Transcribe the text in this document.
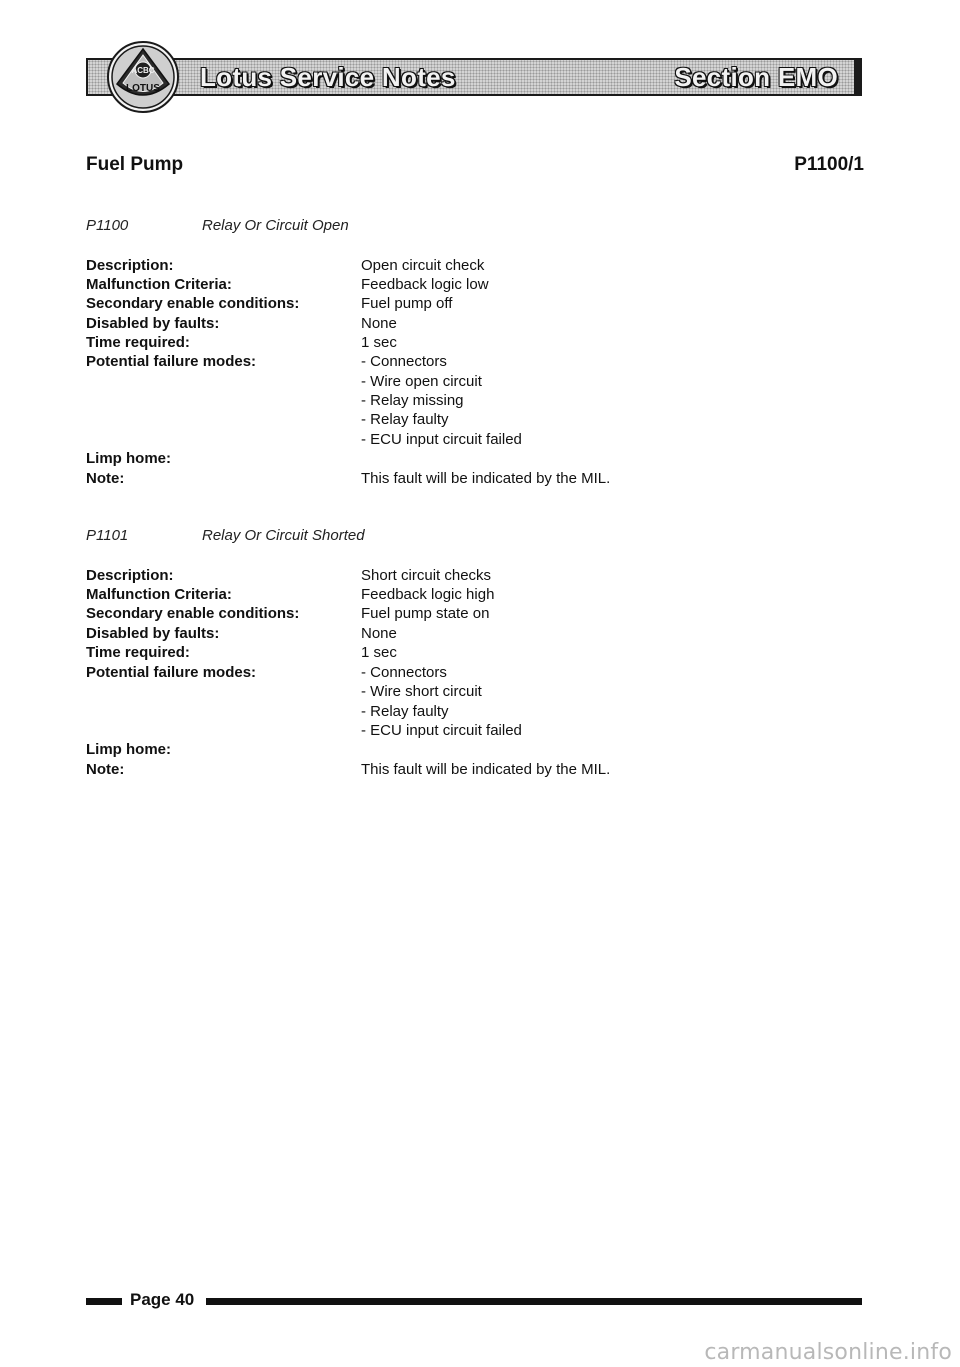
Lotus Service Notes	Section EMO
ACBC
LOTUS
Fuel Pump	P1100/1
P1100	Relay Or Circuit Open
Description:	Open circuit check
Malfunction Criteria:	Feedback logic low
Secondary enable conditions:	Fuel pump off
Disabled by faults:	None
Time required:	1 sec
Potential failure modes:	- Connectors
- Wire open circuit
- Relay missing
- Relay faulty
- ECU input circuit failed
Limp home:
Note:	This fault will be indicated by the MIL.
P1101	Relay Or Circuit Shorted
Description:	Short circuit checks
Malfunction Criteria:	Feedback logic high
Secondary enable conditions:	Fuel pump state on
Disabled by faults:	None
Time required:	1 sec
Potential failure modes:	- Connectors
- Wire short circuit
- Relay faulty
- ECU input circuit failed
Limp home:
Note:	This fault will be indicated by the MIL.
Page 40
carmanualsonline.info
